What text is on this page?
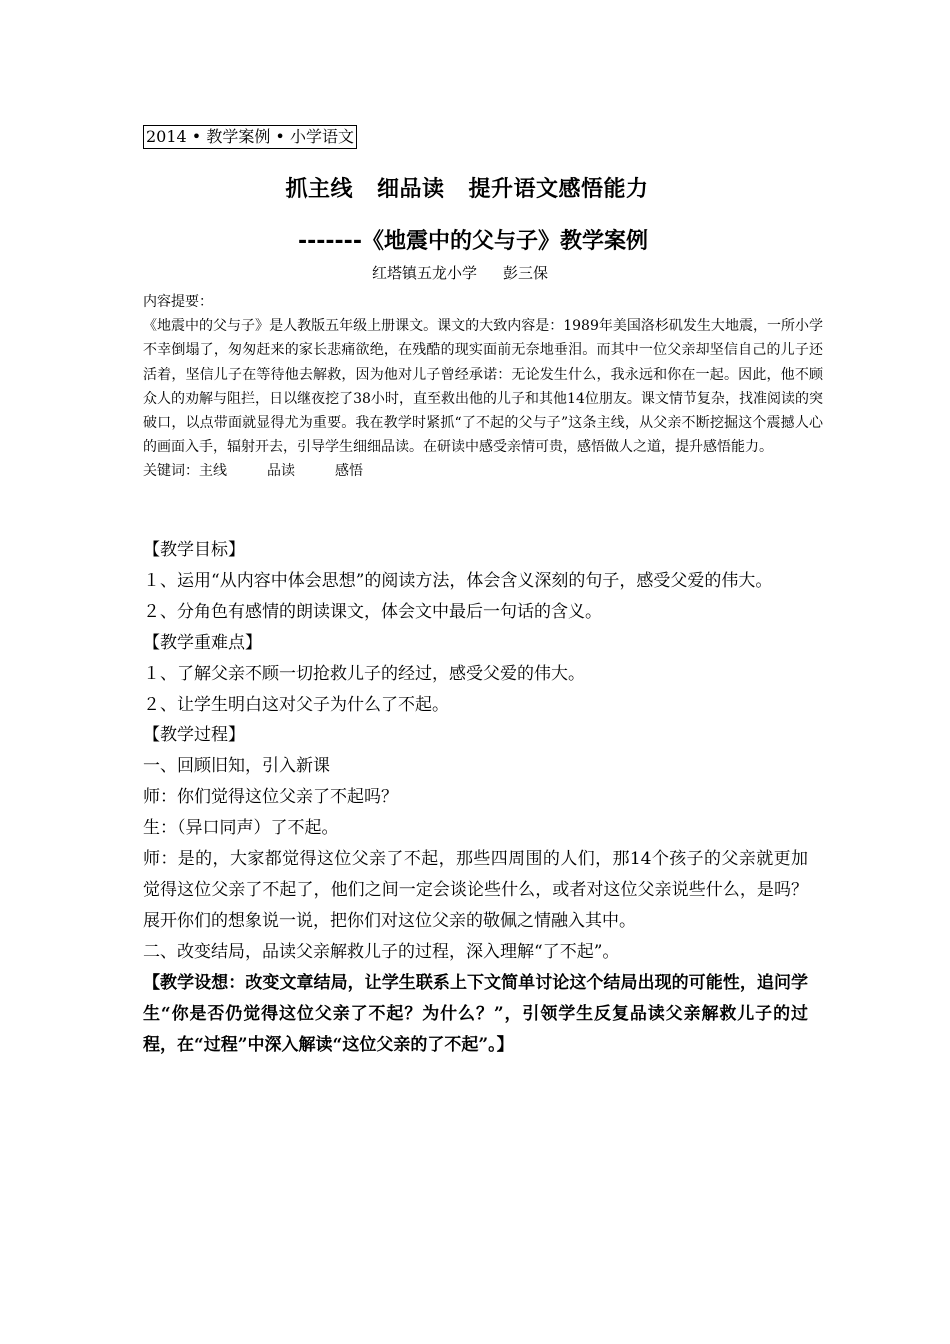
2014 • 教学案例 • 小学语文
抓主线 细品读 提升语文感悟能力
-------《地震中的父与子》教学案例
红塔镇五龙小学 彭三保
内容提要：

《地震中的父与子》是人教版五年级上册课文。课文的大致内容是：1989年美国洛杉矶发生大地震，一所小学不幸倒塌了，匆匆赶来的家长悲痛欲绝，在残酷的现实面前无奈地垂泪。而其中一位父亲却坚信自己的儿子还活着，坚信儿子在等待他去解救，因为他对儿子曾经承诺：无论发生什么，我永远和你在一起。因此，他不顾众人的劝解与阻拦，日以继夜挖了38小时，直至救出他的儿子和其他14位朋友。课文情节复杂，找准阅读的突破口，以点带面就显得尤为重要。我在教学时紧抓“了不起的父与子”这条主线，从父亲不断挖掘这个震撼人心的画面入手，辐射开去，引导学生细细品读。在研读中感受亲情可贵，感悟做人之道，提升感悟能力。

关键词：主线	品读	感悟

【教学目标】

１、运用“从内容中体会思想”的阅读方法，体会含义深刻的句子，感受父爱的伟大。

２、分角色有感情的朗读课文，体会文中最后一句话的含义。

【教学重难点】

１、了解父亲不顾一切抢救儿子的经过，感受父爱的伟大。

２、让学生明白这对父子为什么了不起。

【教学过程】

一、回顾旧知，引入新课

师：你们觉得这位父亲了不起吗？

生：（异口同声）了不起。

师：是的，大家都觉得这位父亲了不起，那些四周围的人们，那14个孩子的父亲就更加觉得这位父亲了不起了，他们之间一定会谈论些什么，或者对这位父亲说些什么，是吗？展开你们的想象说一说，把你们对这位父亲的敬佩之情融入其中。

二、改变结局，品读父亲解救儿子的过程，深入理解“了不起”。

【教学设想：改变文章结局，让学生联系上下文简单讨论这个结局出现的可能性，追问学生“你是否仍觉得这位父亲了不起？为什么？”，引领学生反复品读父亲解救儿子的过程，在“过程”中深入解读“这位父亲的了不起”。】
